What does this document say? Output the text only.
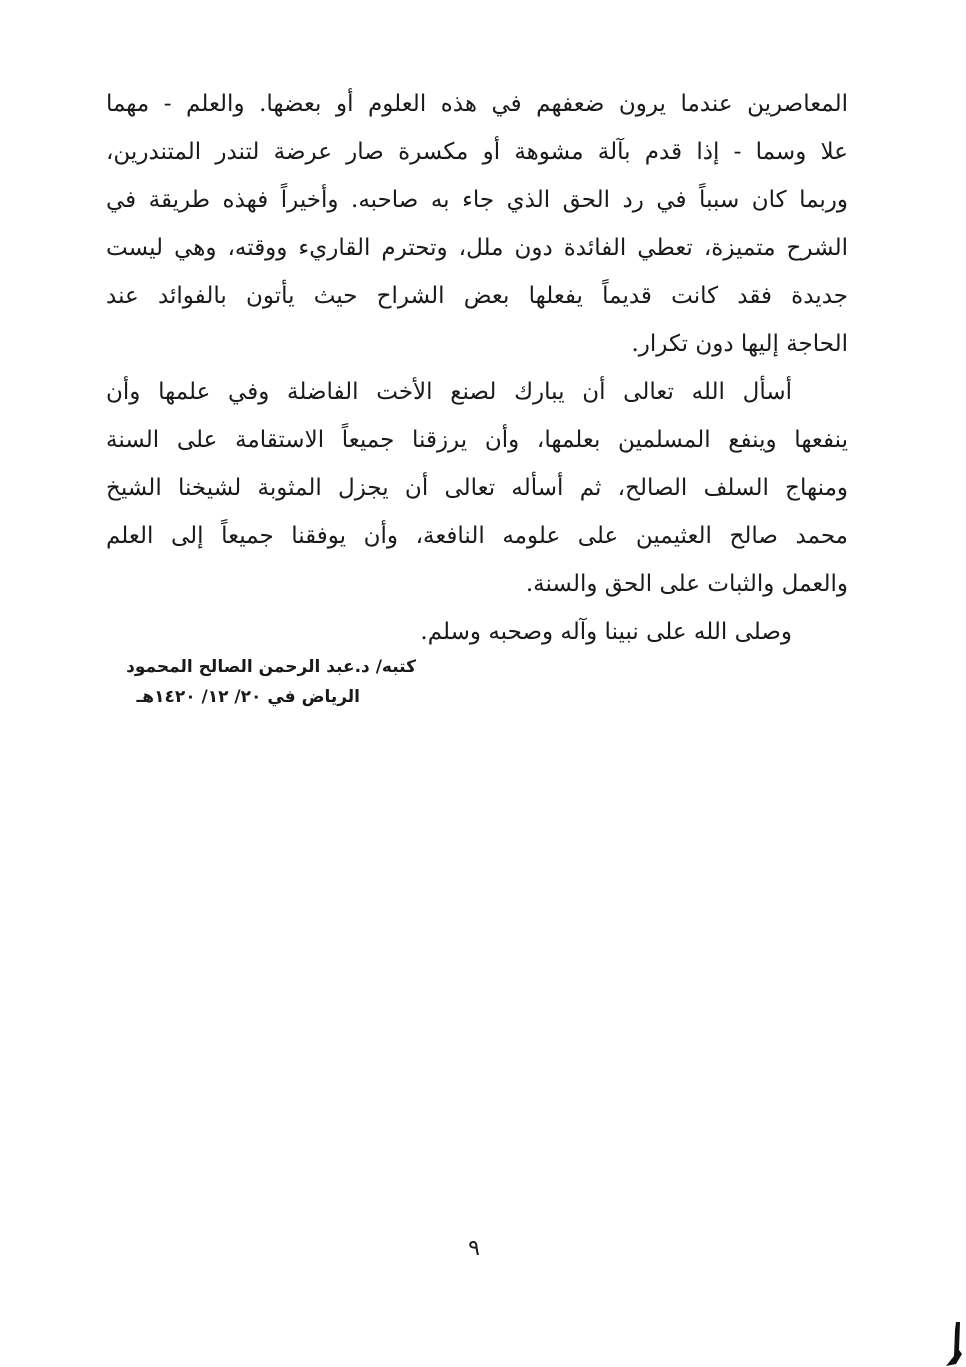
المعاصرين عندما يرون ضعفهم في هذه العلوم أو بعضها. والعلم - مهما
علا وسما - إذا قدم بآلة مشوهة أو مكسرة صار عرضة لتندر المتندرين،
وربما كان سبباً في رد الحق الذي جاء به صاحبه. وأخيراً فهذه طريقة في
الشرح متميزة، تعطي الفائدة دون ملل، وتحترم القاريء ووقته، وهي ليست
جديدة فقد كانت قديماً يفعلها بعض الشراح حيث يأتون بالفوائد عند
الحاجة إليها دون تكرار.
أسأل الله تعالى أن يبارك لصنع الأخت الفاضلة وفي علمها وأن
ينفعها وينفع المسلمين بعلمها، وأن يرزقنا جميعاً الاستقامة على السنة
ومنهاج السلف الصالح، ثم أسأله تعالى أن يجزل المثوبة لشيخنا الشيخ
محمد صالح العثيمين على علومه النافعة، وأن يوفقنا جميعاً إلى العلم
والعمل والثبات على الحق والسنة.
وصلى الله على نبينا وآله وصحبه وسلم.
كتبه/ د.عبد الرحمن الصالح المحمود
الرياض في ٢٠/ ١٢/ ١٤٢٠هـ
٩
